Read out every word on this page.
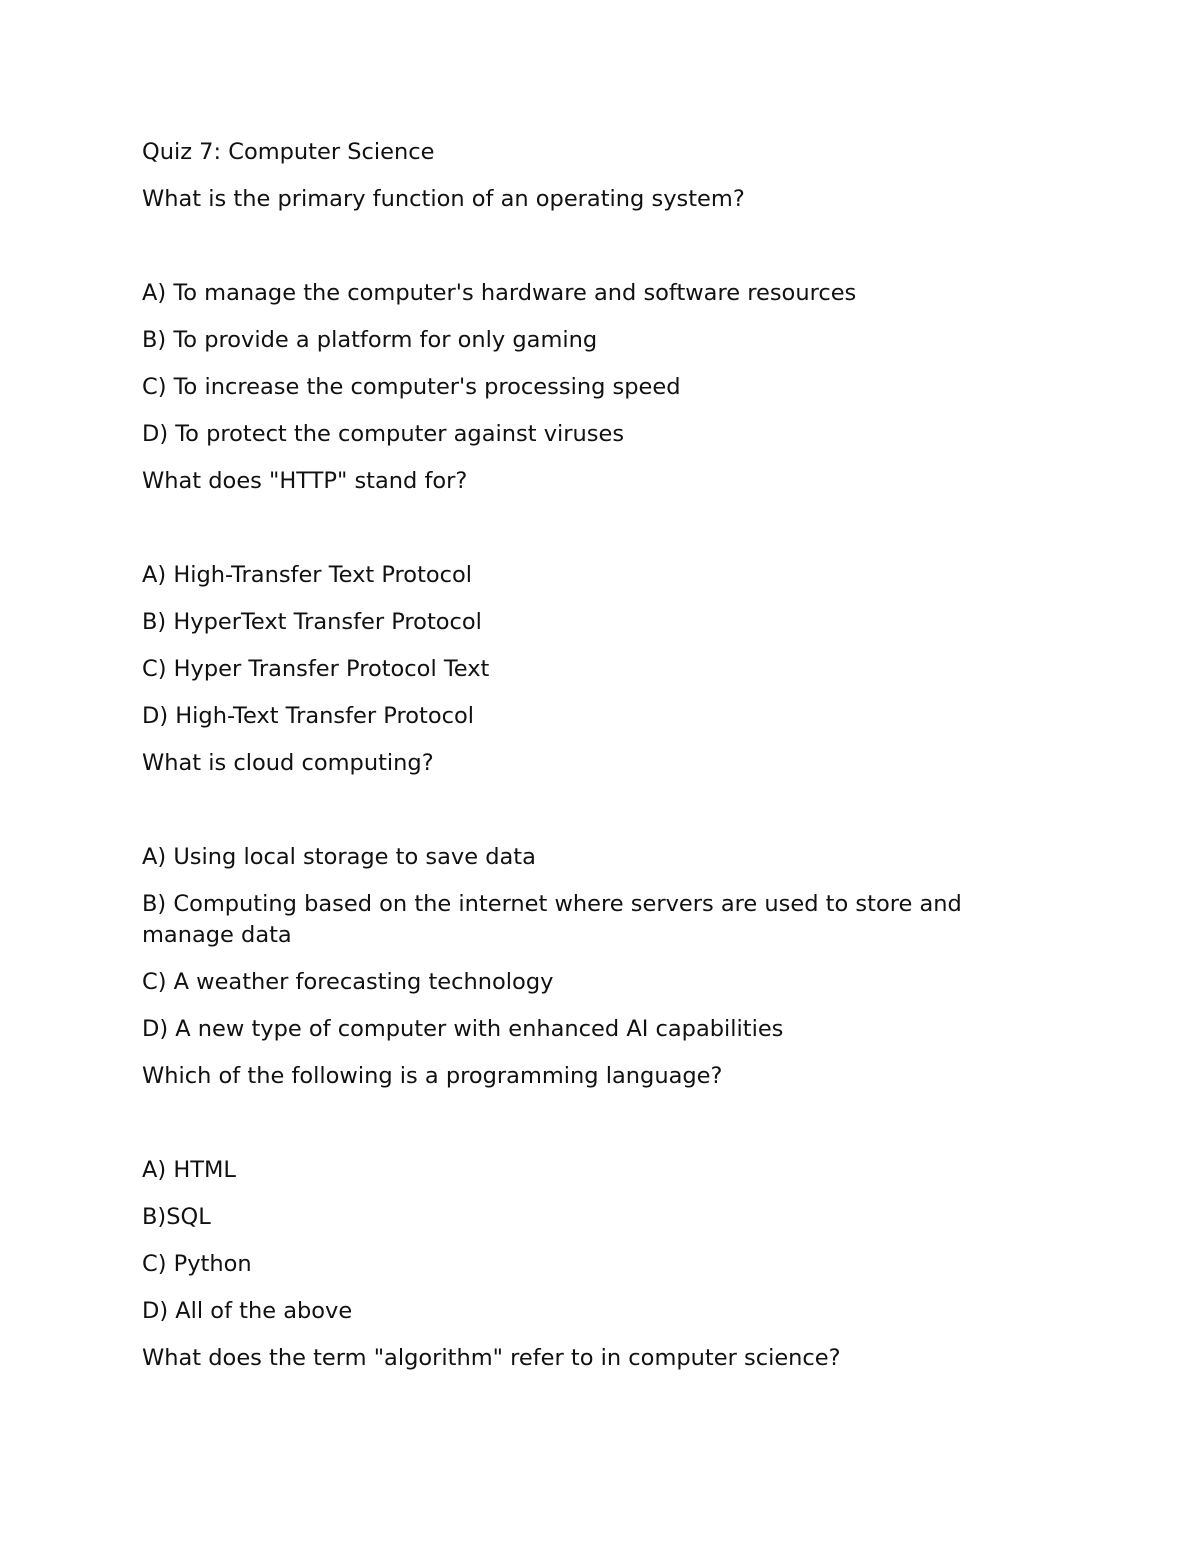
Quiz 7: Computer Science
What is the primary function of an operating system?
A) To manage the computer's hardware and software resources
B) To provide a platform for only gaming
C) To increase the computer's processing speed
D) To protect the computer against viruses
What does "HTTP" stand for?
A) High-Transfer Text Protocol
B) HyperText Transfer Protocol
C) Hyper Transfer Protocol Text
D) High-Text Transfer Protocol
What is cloud computing?
A) Using local storage to save data
B) Computing based on the internet where servers are used to store and manage data
C) A weather forecasting technology
D) A new type of computer with enhanced AI capabilities
Which of the following is a programming language?
A) HTML
B)SQL
C) Python
D) All of the above
What does the term "algorithm" refer to in computer science?
